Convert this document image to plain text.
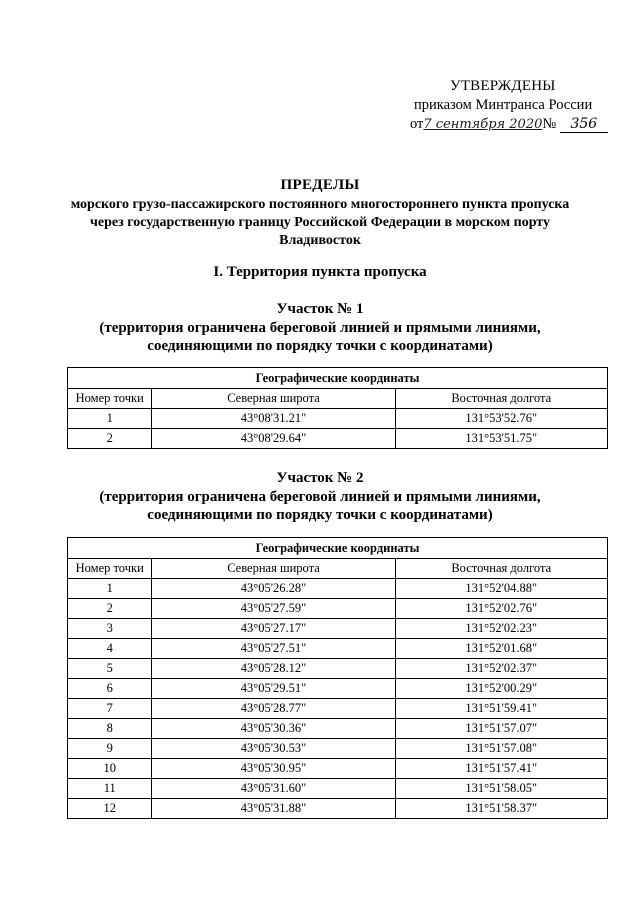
УТВЕРЖДЕНЫ
приказом Минтранса России
от7 сентября 2020№ 356
ПРЕДЕЛЫ
морского грузо-пассажирского постоянного многостороннего пункта пропуска
через государственную границу Российской Федерации в морском порту
Владивосток
I. Территория пункта пропуска
Участок № 1
(территория ограничена береговой линией и прямыми линиями,
соединяющими по порядку точки с координатами)
Географические координаты		
Номер точки	Северная широта	Восточная долгота
1	43°08'31.21"	131°53'52.76"
2	43°08'29.64"	131°53'51.75"
Участок № 2
(территория ограничена береговой линией и прямыми линиями,
соединяющими по порядку точки с координатами)
Географические координаты		
Номер точки	Северная широта	Восточная долгота
1	43°05'26.28"	131°52'04.88"
2	43°05'27.59"	131°52'02.76"
3	43°05'27.17"	131°52'02.23"
4	43°05'27.51"	131°52'01.68"
5	43°05'28.12"	131°52'02.37"
6	43°05'29.51"	131°52'00.29"
7	43°05'28.77"	131°51'59.41"
8	43°05'30.36"	131°51'57.07"
9	43°05'30.53"	131°51'57.08"
10	43°05'30.95"	131°51'57.41"
11	43°05'31.60"	131°51'58.05"
12	43°05'31.88"	131°51'58.37"
